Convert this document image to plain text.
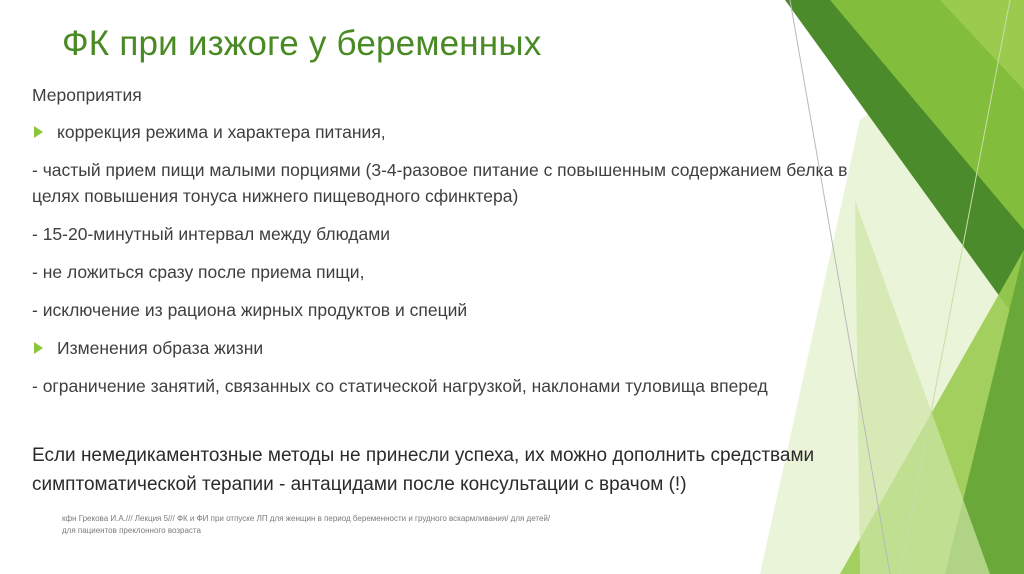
ФК при изжоге у беременных
Мероприятия
коррекция режима и характера питания,
- частый прием пищи малыми порциями (3-4-разовое питание с повышенным содержанием белка в целях повышения тонуса нижнего пищеводного сфинктера)
- 15-20-минутный интервал между блюдами
- не ложиться сразу после приема пищи,
- исключение из рациона жирных продуктов и специй
Изменения образа жизни
- ограничение занятий, связанных со статической нагрузкой, наклонами туловища вперед
Если немедикаментозные методы не принесли успеха, их можно дополнить средствами симптоматической терапии - антацидами после консультации с врачом (!)
кфн Грекова И.А./// Лекция 5/// ФК и ФИ при отпуске ЛП для женщин в период беременности и грудного вскармливания/ для детей/ для пациентов преклонного возраста
